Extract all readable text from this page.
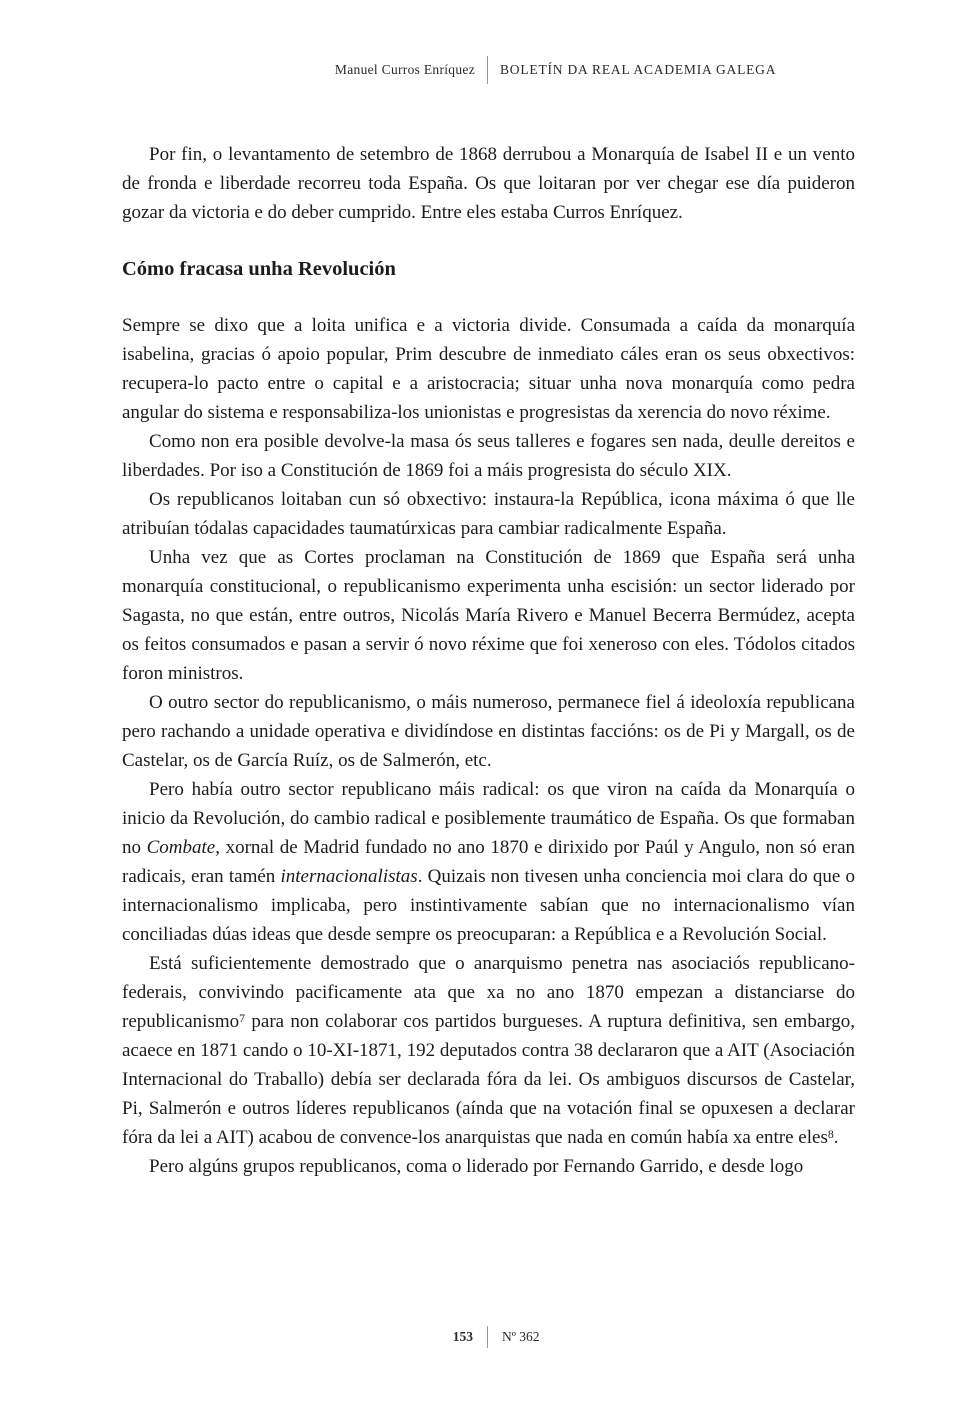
Manuel Curros Enríquez BOLETÍN DA REAL ACADEMIA GALEGA

Por fin, o levantamento de setembro de 1868 derrubou a Monarquía de Isabel II e un vento de fronda e liberdade recorreu toda España. Os que loitaran por ver chegar ese día puideron gozar da victoria e do deber cumprido. Entre eles estaba Curros Enríquez.

Cómo fracasa unha Revolución

Sempre se dixo que a loita unifica e a victoria divide. Consumada a caída da monarquía isabelina, gracias ó apoio popular, Prim descubre de inmediato cáles eran os seus obxectivos: recupera-lo pacto entre o capital e a aristocracia; situar unha nova monarquía como pedra angular do sistema e responsabiliza-los unionistas e progresistas da xerencia do novo réxime.

Como non era posible devolve-la masa ós seus talleres e fogares sen nada, deulle dereitos e liberdades. Por iso a Constitución de 1869 foi a máis progresista do século XIX.

Os republicanos loitaban cun só obxectivo: instaura-la República, icona máxima ó que lle atribuían tódalas capacidades taumatúrxicas para cambiar radicalmente España.

Unha vez que as Cortes proclaman na Constitución de 1869 que España será unha monarquía constitucional, o republicanismo experimenta unha escisión: un sector liderado por Sagasta, no que están, entre outros, Nicolás María Rivero e Manuel Becerra Bermúdez, acepta os feitos consumados e pasan a servir ó novo réxime que foi xeneroso con eles. Tódolos citados foron ministros.

O outro sector do republicanismo, o máis numeroso, permanece fiel á ideoloxía republicana pero rachando a unidade operativa e dividíndose en distintas faccións: os de Pi y Margall, os de Castelar, os de García Ruíz, os de Salmerón, etc.

Pero había outro sector republicano máis radical: os que viron na caída da Monarquía o inicio da Revolución, do cambio radical e posiblemente traumático de España. Os que formaban no Combate, xornal de Madrid fundado no ano 1870 e dirixido por Paúl y Angulo, non só eran radicais, eran tamén internacionalistas. Quizais non tivesen unha conciencia moi clara do que o internacionalismo implicaba, pero instintivamente sabían que no internacionalismo vían conciliadas dúas ideas que desde sempre os preocuparan: a República e a Revolución Social.

Está suficientemente demostrado que o anarquismo penetra nas asociaciós republicano-federais, convivindo pacificamente ata que xa no ano 1870 empezan a distanciarse do republicanismo$^7$ para non colaborar cos partidos burgueses. A ruptura definitiva, sen embargo, acaece en 1871 cando o 10-XI-1871, 192 deputados contra 38 declararon que a AIT (Asociación Internacional do Traballo) debía ser declarada fóra da lei. Os ambiguos discursos de Castelar, Pi, Salmerón e outros líderes republicanos (aínda que na votación final se opuxesen a declarar fóra da lei a AIT) acabou de convence-los anarquistas que nada en común había xa entre eles$^8$.

Pero algúns grupos republicanos, coma o liderado por Fernando Garrido, e desde logo

153 Nº 362
